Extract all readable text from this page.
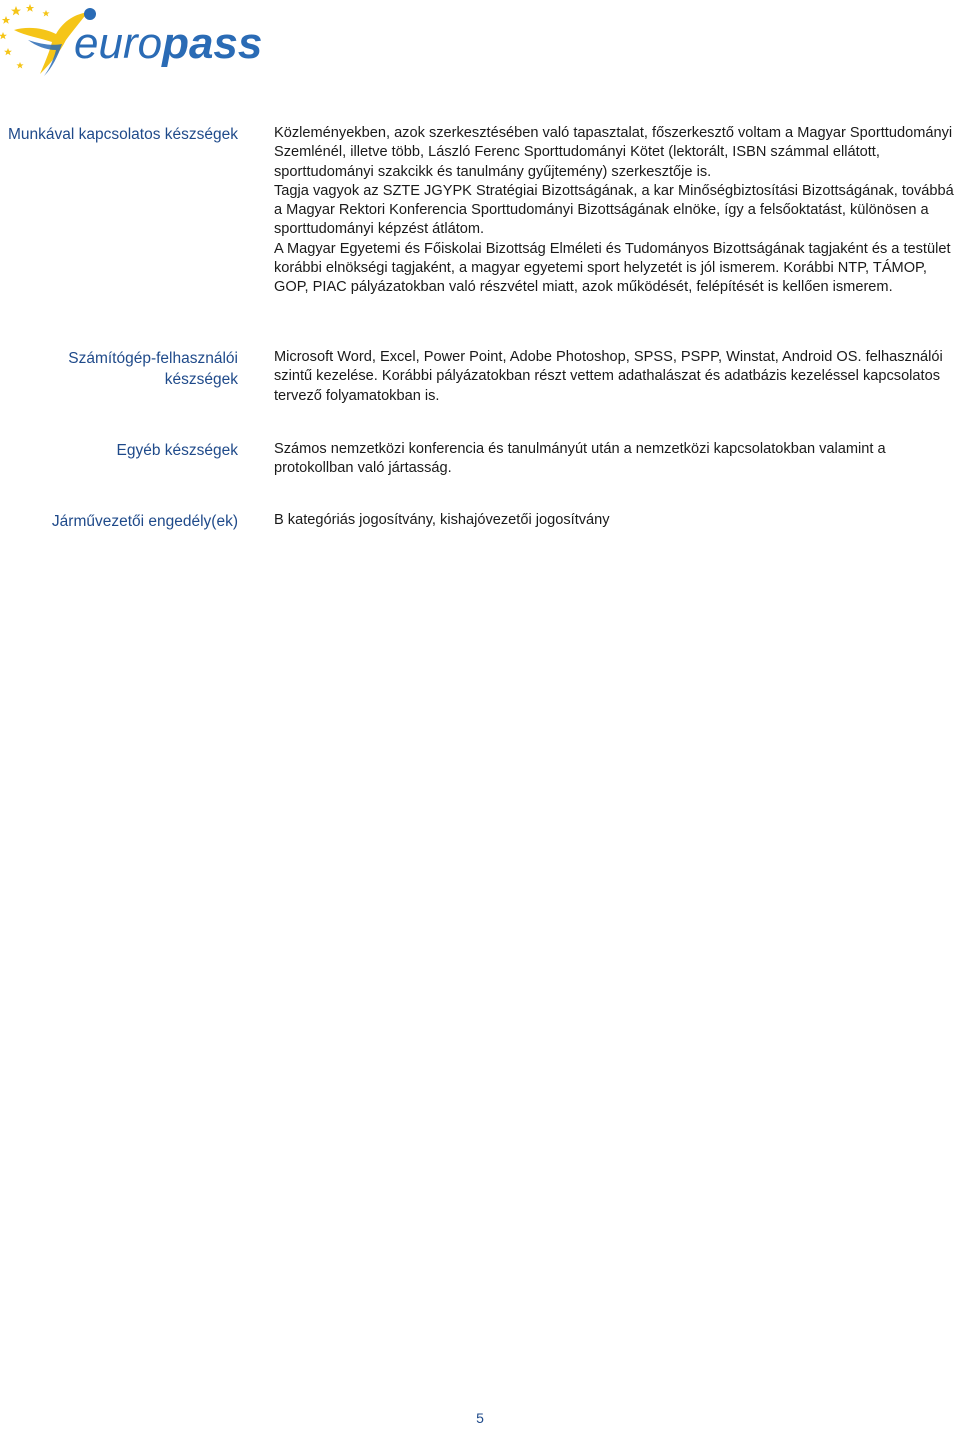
europass
Munkával kapcsolatos készségek Közleményekben, azok szerkesztésében való tapasztalat, főszerkesztő voltam a Magyar Sporttudományi Szemlénél, illetve több, László Ferenc Sporttudományi Kötet (lektorált, ISBN számmal ellátott, sporttudományi szakcikk és tanulmány gyűjtemény) szerkesztője is.

Tagja vagyok az SZTE JGYPK Stratégiai Bizottságának, a kar Minőségbiztosítási Bizottságának, továbbá a Magyar Rektori Konferencia Sporttudományi Bizottságának elnöke, így a felsőoktatást, különösen a sporttudományi képzést átlátom.

A Magyar Egyetemi és Főiskolai Bizottság Elméleti és Tudományos Bizottságának tagjaként és a testület korábbi elnökségi tagjaként, a magyar egyetemi sport helyzetét is jól ismerem. Korábbi NTP, TÁMOP, GOP, PIAC pályázatokban való részvétel miatt, azok működését, felépítését is kellően ismerem.

Számítógép-felhasználói készségek

Microsoft Word, Excel, Power Point, Adobe Photoshop, SPSS, PSPP, Winstat, Android OS. felhasználói szintű kezelése. Korábbi pályázatokban részt vettem adathalászat és adatbázis kezeléssel kapcsolatos tervező folyamatokban is.

Egyéb készségek Számos nemzetközi konferencia és tanulmányút után a nemzetközi kapcsolatokban valamint a protokollban való jártasság.

Járművezetői engedély(ek) B kategóriás jogosítvány, kishajóvezetői jogosítvány

5
